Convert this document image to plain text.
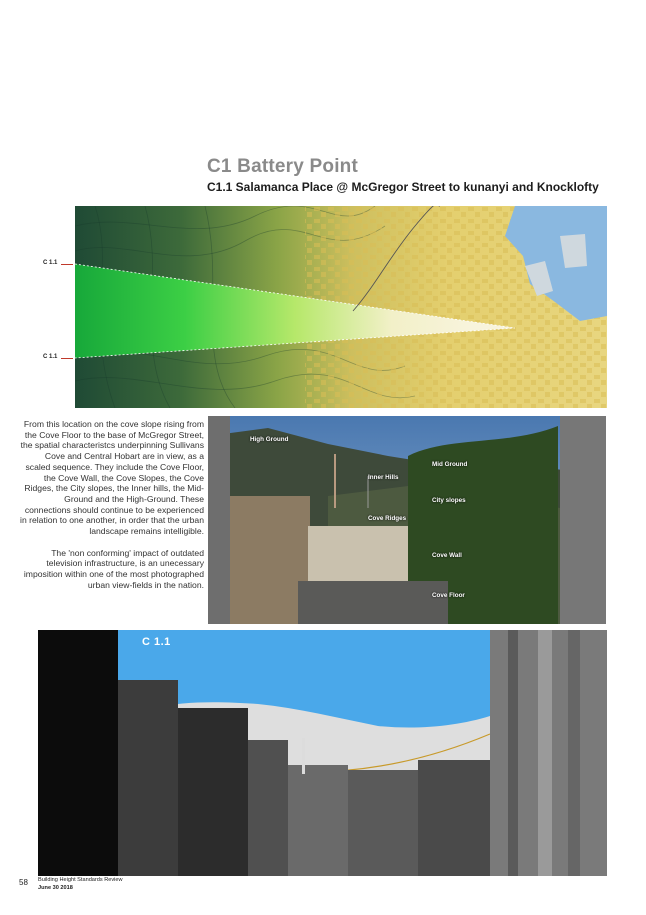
C1 Battery Point
C1.1 Salamanca Place @ McGregor Street to kunanyi and Knocklofty
C 1.1
C 1.1

From this location on the cove slope rising from the Cove Floor to the base of McGregor Street, the spatial characteristcs underpinning Sullivans Cove and Central Hobart are in view, as a scaled sequence. They include the Cove Floor, the Cove Wall, the Cove Slopes, the Cove Ridges, the City slopes, the Inner hills, the Mid-Ground and the High-Ground. These connections should continue to be experienced in relation to one another, in order that the urban landscape remains intelligible.

The 'non conforming' impact of outdated television infrastructure, is an unecessary imposition within one of the most photographed urban view-fields in the nation.

High Ground
Mid Ground
Inner Hills
City slopes
Cove Ridges
Cove Wall
Cove Floor
C 1.1
58 Building Height Standards Review
June 30 2018
